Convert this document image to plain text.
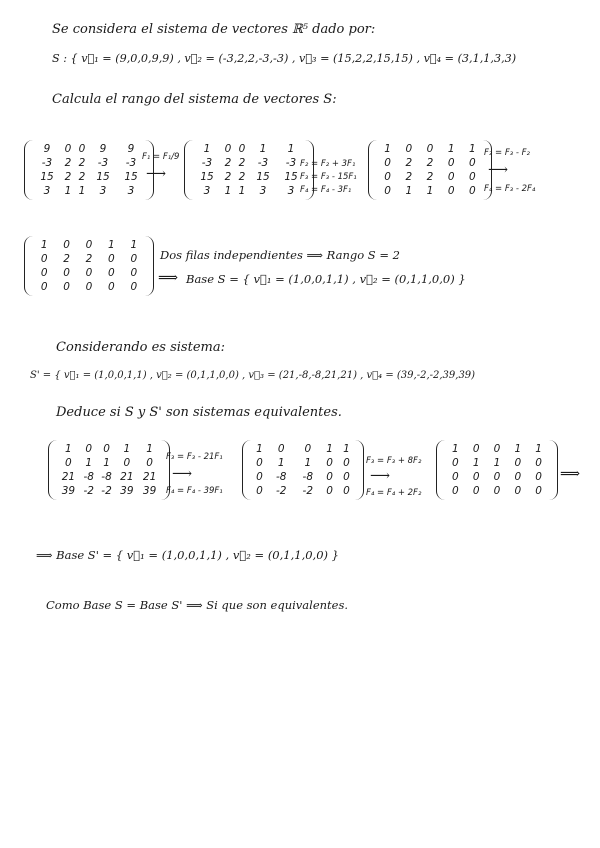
Se considera el sistema de vectores ℝ⁵ dado por:
S : { v⃗₁ = (9,0,0,9,9) , v⃗₂ = (-3,2,2,-3,-3) , v⃗₃ = (15,2,2,15,15) , v⃗₄ = (3,1,1,3,3)
Calcula el rango del sistema de vectores S:
9	0	0	9	9
-3	2	2	-3	-3
15	2	2	15	15
3	1	1	3	3
F₁ = F₁/9
⟶
1	0	0	1	1
-3	2	2	-3	-3
15	2	2	15	15
3	1	1	3	3
F₂ = F₂ + 3F₁
F₃ = F₃ - 15F₁
F₄ = F₄ - 3F₁
1	0	0	1	1
0	2	2	0	0
0	2	2	0	0
0	1	1	0	0
F₃ = F₃ - F₂
⟶
F₄ = F₃ - 2F₄
1	0	0	1	1
0	2	2	0	0
0	0	0	0	0
0	0	0	0	0
Dos filas independientes ⟹ Rango S = 2
⟹ Base S = { v⃗₁ = (1,0,0,1,1) , v⃗₂ = (0,1,1,0,0) }
Considerando es sistema:
S' = { v⃗₁ = (1,0,0,1,1) , v⃗₂ = (0,1,1,0,0) , v⃗₃ = (21,-8,-8,21,21) , v⃗₄ = (39,-2,-2,39,39)
Deduce si S y S' son sistemas equivalentes.
1	0	0	1	1
0	1	1	0	0
21	-8	-8	21	21
39	-2	-2	39	39
F₃ = F₃ - 21F₁
⟶
F₄ = F₄ - 39F₁
1	0	0	1	1
0	1	1	0	0
0	-8	-8	0	0
0	-2	-2	0	0
F₃ = F₃ + 8F₂
⟶
F₄ = F₄ + 2F₂
1	0	0	1	1
0	1	1	0	0
0	0	0	0	0
0	0	0	0	0
⟹
⟹ Base S' = { v⃗₁ = (1,0,0,1,1) , v⃗₂ = (0,1,1,0,0) }
Como Base S = Base S' ⟹ Si que son equivalentes.
